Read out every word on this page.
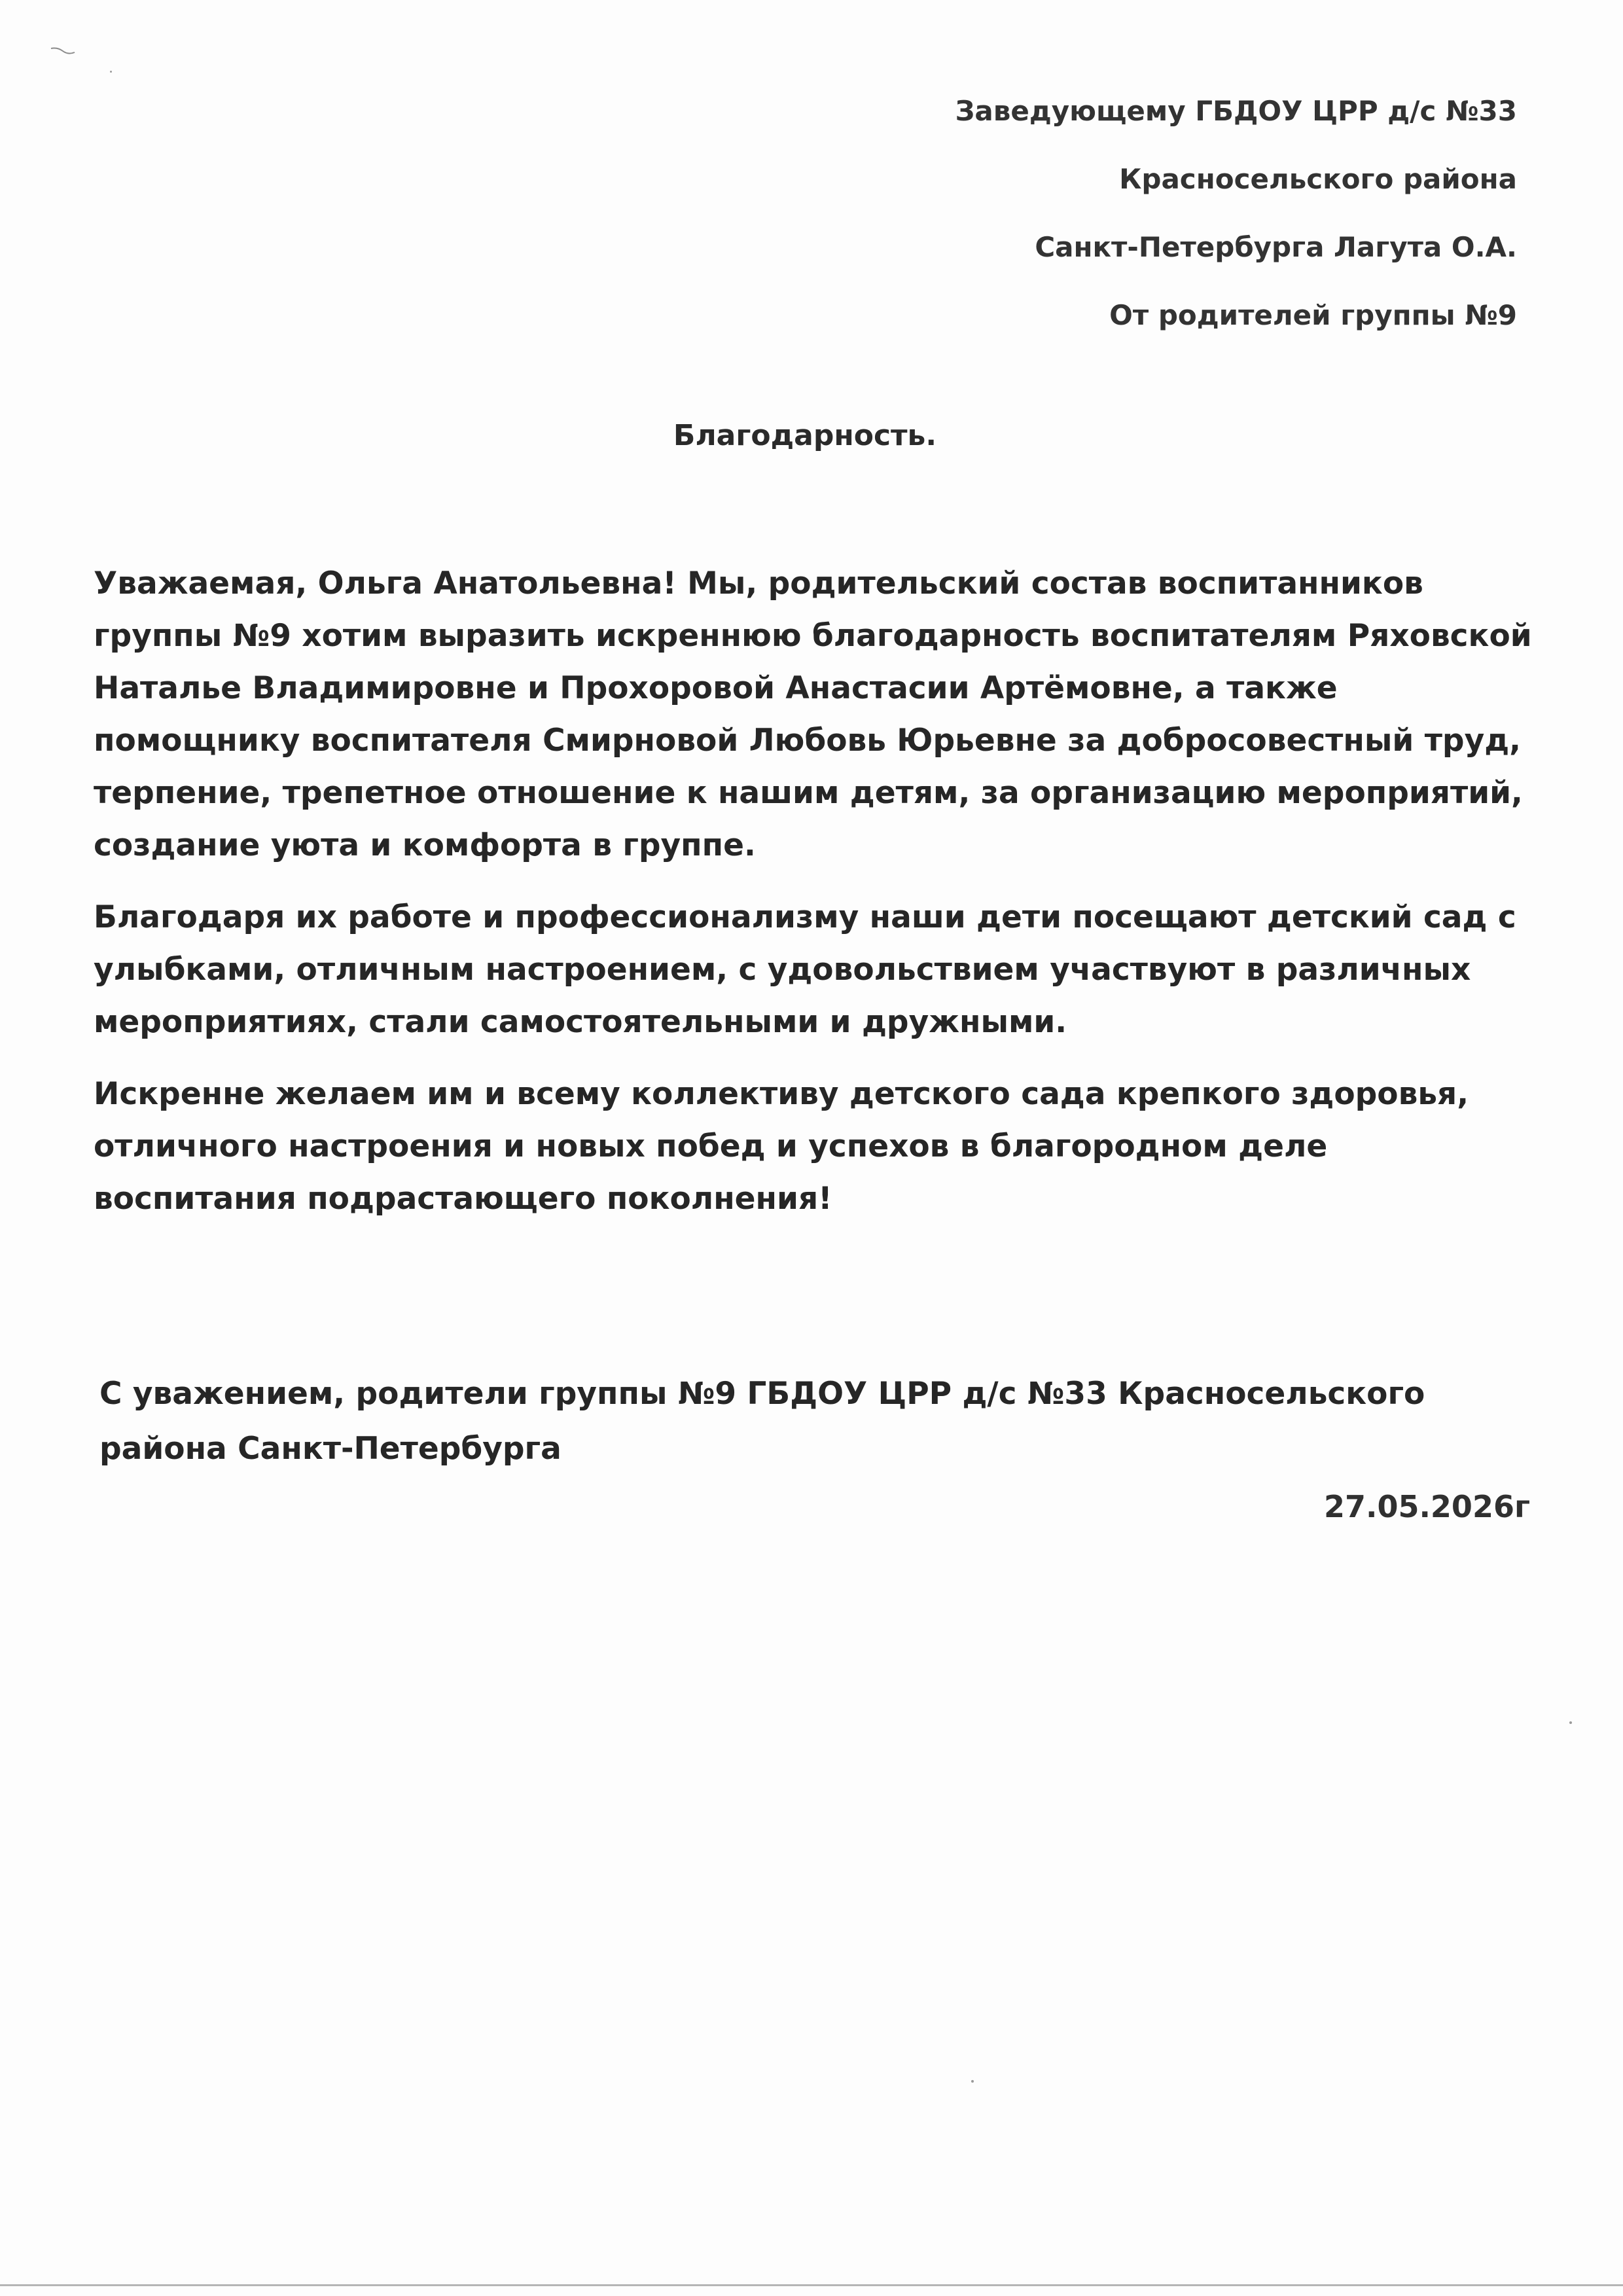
Заведующему ГБДОУ ЦРР д/с №33
Красносельского района
Санкт-Петербурга Лагута О.А.
От родителей группы №9
Благодарность.

Уважаемая, Ольга Анатольевна! Мы, родительский состав воспитанников группы №9 хотим выразить искреннюю благодарность воспитателям Ряховской Наталье Владимировне и Прохоровой Анастасии Артёмовне, а также помощнику воспитателя Смирновой Любовь Юрьевне за добросовестный труд, терпение, трепетное отношение к нашим детям, за организацию мероприятий, создание уюта и комфорта в группе.

Благодаря их работе и профессионализму наши дети посещают детский сад с улыбками, отличным настроением, с удовольствием участвуют в различных мероприятиях, стали самостоятельными и дружными.

Искренне желаем им и всему коллективу детского сада крепкого здоровья, отличного настроения и новых побед и успехов в благородном деле воспитания подрастающего поколнения!

С уважением, родители группы №9 ГБДОУ ЦРР д/с №33 Красносельского района Санкт-Петербурга
27.05.2026г
